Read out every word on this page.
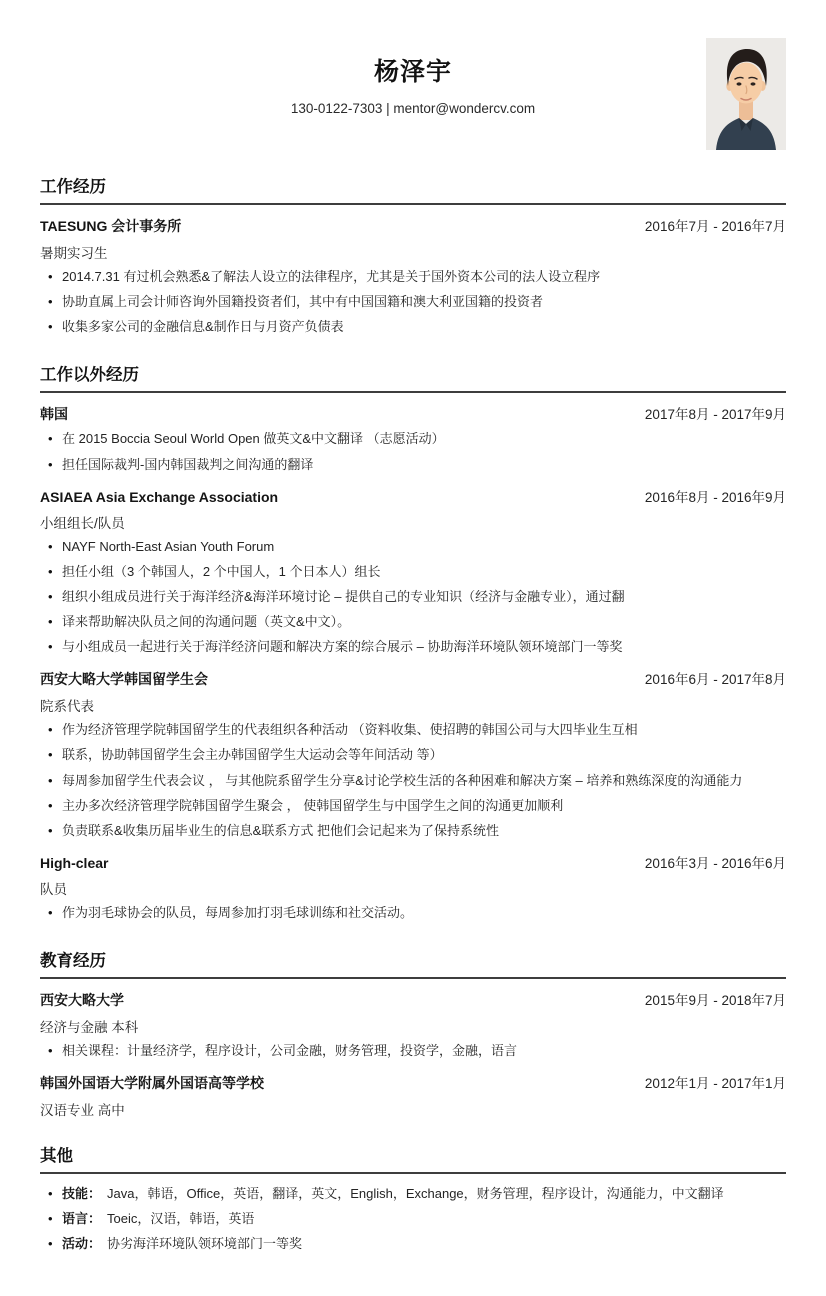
杨泽宇
130-0122-7303 | mentor@wondercv.com
工作经历
TAESUNG 会计事务所	2016年7月 - 2016年7月
暑期实习生
• 2014.7.31 有过机会熟悉&了解法人设立的法律程序，尤其是关于国外资本公司的法人设立程序
• 协助直属上司会计师咨询外国籍投资者们，其中有中国国籍和澳大利亚国籍的投资者
• 收集多家公司的金融信息&制作日与月资产负债表
工作以外经历
韩国	2017年8月 - 2017年9月
• 在 2015 Boccia Seoul World Open 做英文&中文翻译 （志愿活动）
• 担任国际裁判-国内韩国裁判之间沟通的翻译
ASIAEA Asia Exchange Association	2016年8月 - 2016年9月
小组组长/队员
• NAYF North-East Asian Youth Forum
• 担任小组（3 个韩国人，2 个中国人，1 个日本人）组长
• 组织小组成员进行关于海洋经济&海洋环境讨论 – 提供自己的专业知识（经济与金融专业），通过翻
• 译来帮助解决队员之间的沟通问题（英文&中文）。
• 与小组成员一起进行关于海洋经济问题和解决方案的综合展示 – 协助海洋环境队领环境部门一等奖
西安大略大学韩国留学生会	2016年6月 - 2017年8月
院系代表
• 作为经济管理学院韩国留学生的代表组织各种活动 （资料收集、使招聘的韩国公司与大四毕业生互相
• 联系，协助韩国留学生会主办韩国留学生大运动会等年间活动 等）
• 每周参加留学生代表会议 ， 与其他院系留学生分享&讨论学校生活的各种困难和解决方案 – 培养和熟练深度的沟通能力
• 主办多次经济管理学院韩国留学生聚会 ， 使韩国留学生与中国学生之间的沟通更加顺利
• 负责联系&收集历届毕业生的信息&联系方式 把他们会记起来为了保持系统性
High-clear	2016年3月 - 2016年6月
队员
• 作为羽毛球协会的队员，每周参加打羽毛球训练和社交活动。
教育经历
西安大略大学	2015年9月 - 2018年7月
经济与金融 本科
• 相关课程：计量经济学，程序设计，公司金融，财务管理，投资学，金融，语言
韩国外国语大学附属外国语高等学校	2012年1月 - 2017年1月
汉语专业 高中
其他
• 技能： Java，韩语，Office，英语，翻译，英文，English，Exchange，财务管理，程序设计，沟通能力，中文翻译
• 语言： Toeic，汉语，韩语，英语
• 活动： 协劣海洋环境队领环境部门一等奖
